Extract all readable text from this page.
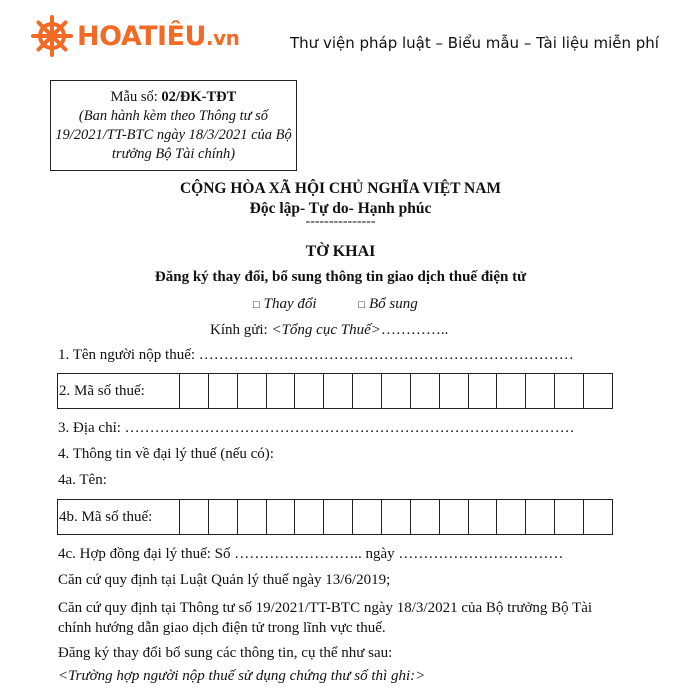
HOATIÊU.vn	Thư viện pháp luật – Biểu mẫu – Tài liệu miễn phí
Mẫu số: 02/ĐK-TĐT
(Ban hành kèm theo Thông tư số 19/2021/TT-BTC ngày 18/3/2021 của Bộ trưởng Bộ Tài chính)
CỘNG HÒA XÃ HỘI CHỦ NGHĨA VIỆT NAM
Độc lập- Tự do- Hạnh phúc
---------------
TỜ KHAI
Đăng ký thay đổi, bổ sung thông tin giao dịch thuế điện tử
□ Thay đổi	□ Bổ sung
Kính gửi: <Tổng cục Thuế>…………..
1. Tên người nộp thuế: …………………………………………………………………
2. Mã số thuế:
3. Địa chỉ: ………………………………………………………………………………
4. Thông tin về đại lý thuế (nếu có):
4a. Tên:
4b. Mã số thuế:
4c. Hợp đồng đại lý thuế: Số …………………….. ngày ……………………………
Căn cứ quy định tại Luật Quản lý thuế ngày 13/6/2019;
Căn cứ quy định tại Thông tư số 19/2021/TT-BTC ngày 18/3/2021 của Bộ trưởng Bộ Tài chính hướng dẫn giao dịch điện tử trong lĩnh vực thuế.
Đăng ký thay đổi bổ sung các thông tin, cụ thể như sau:
<Trường hợp người nộp thuế sử dụng chứng thư số thì ghi:>
